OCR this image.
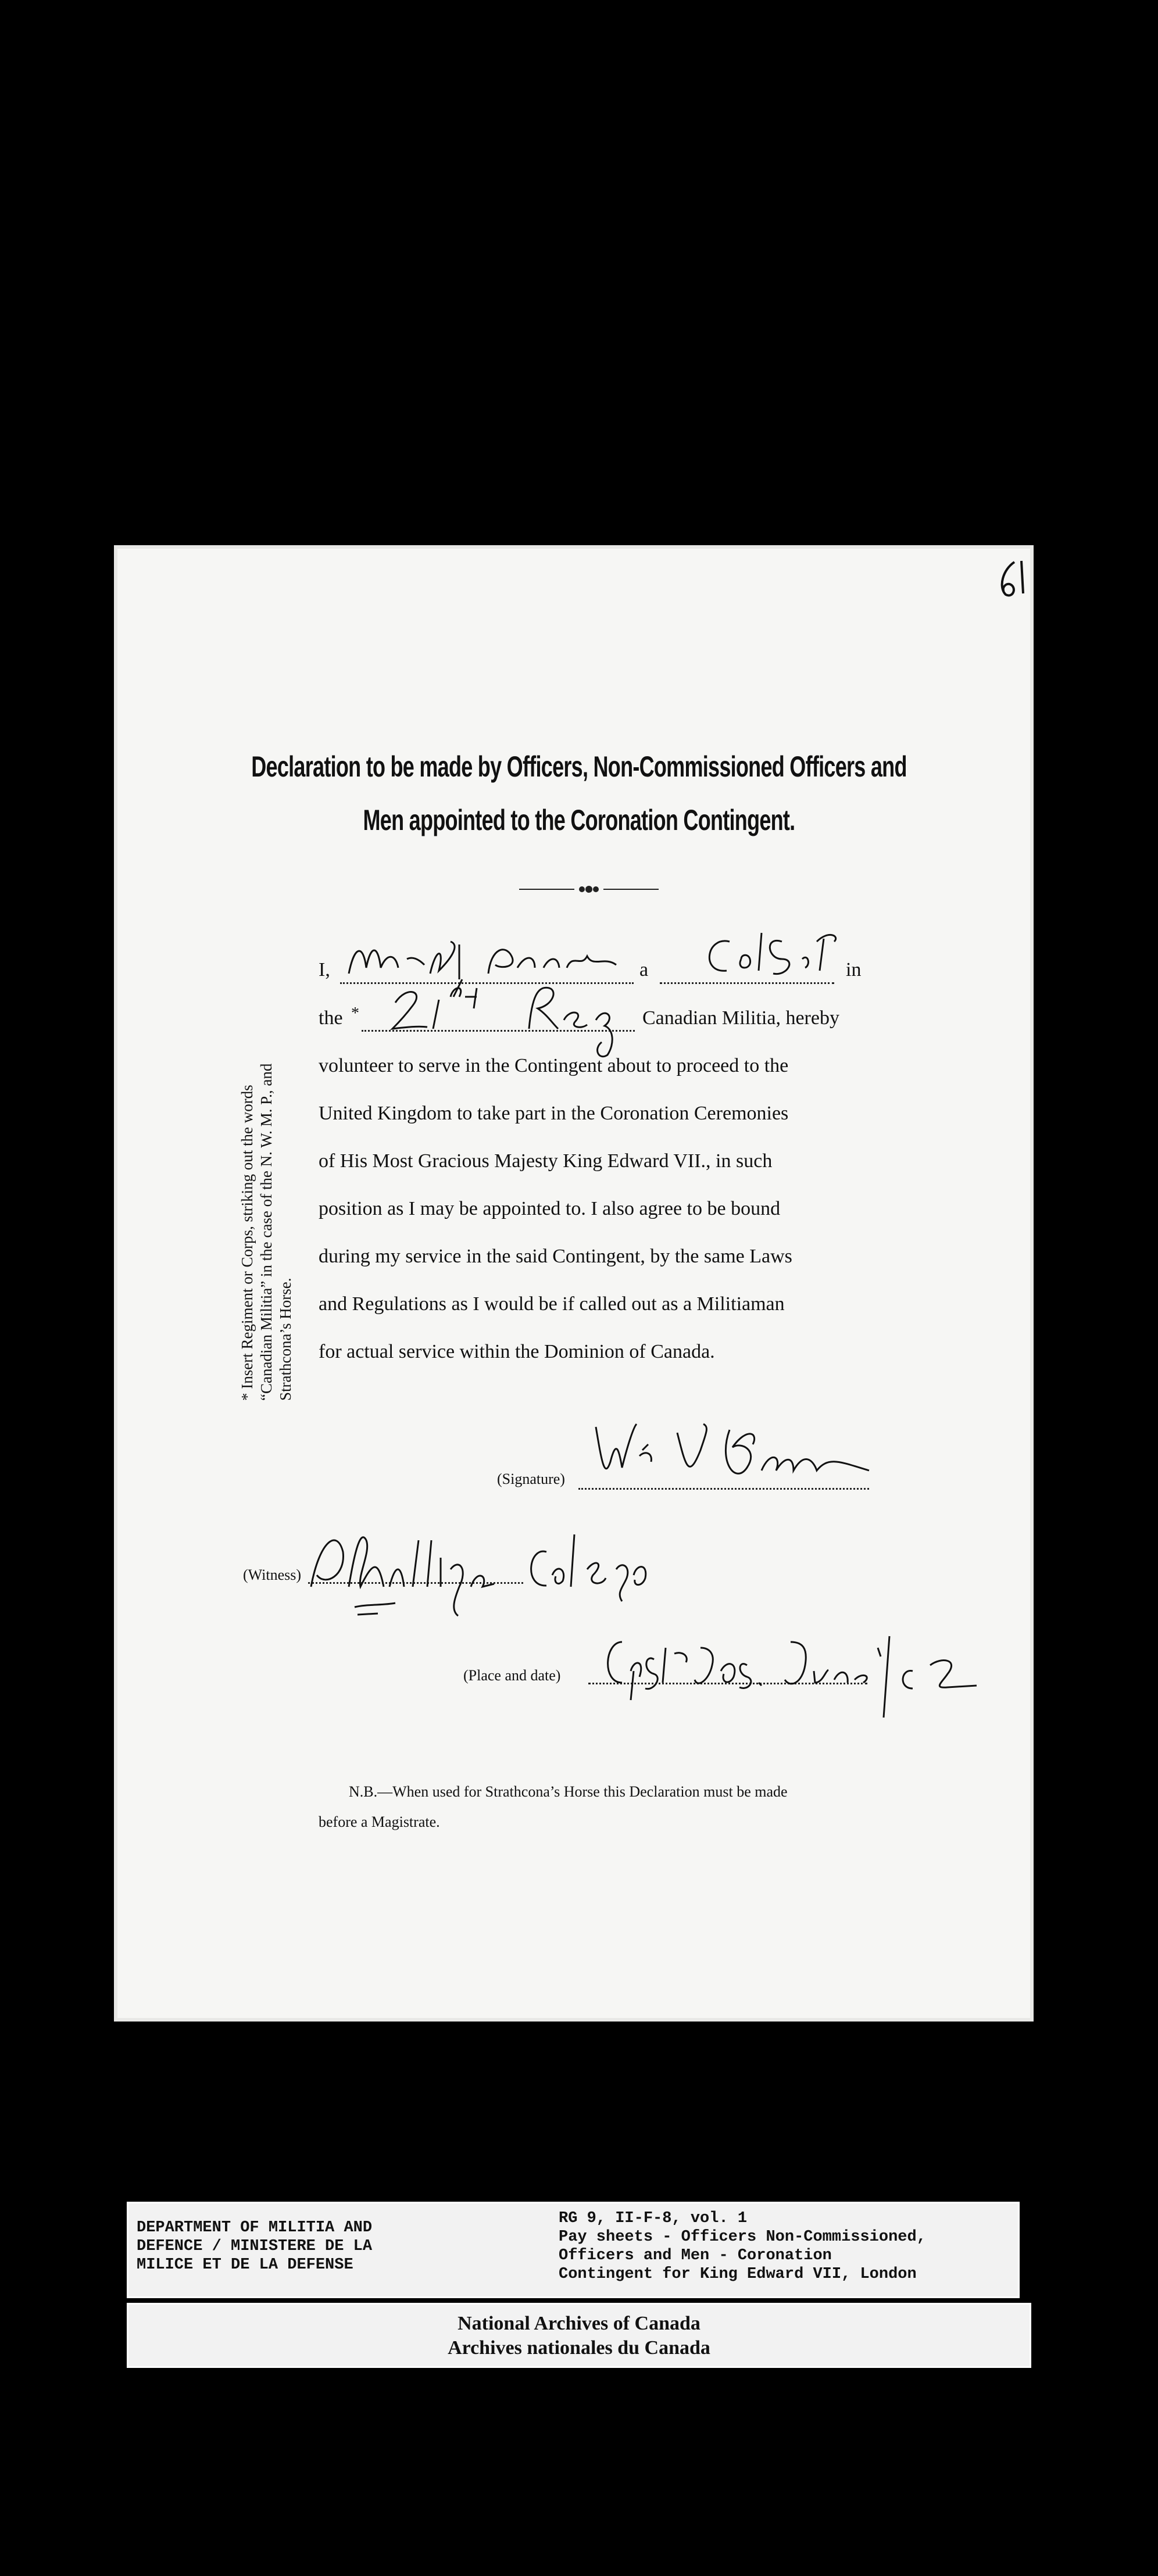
Declaration to be made by Officers, Non-Commissioned Officers and
Men appointed to the Coronation Contingent.
I,
Wm V Brown
a	in
the *	Canadian Militia, hereby
volunteer to serve in the Contingent about to proceed to the
United Kingdom to take part in the Coronation Ceremonies
of His Most Gracious Majesty King Edward VII., in such
position as I may be appointed to. I also agree to be bound
during my service in the said Contingent, by the same Laws
and Regulations as I would be if called out as a Militiaman
for actual service within the Dominion of Canada.
* Insert Regiment or Corps, striking out the words “Canadian Militia” in the case of the N. W. M. P., and Strathcona’s Horse.
(Signature)
(Witness)
(Place and date)
N.B.—When used for Strathcona’s Horse this Declaration must be made
before a Magistrate.
DEPARTMENT OF MILITIA AND
DEFENCE / MINISTERE DE LA
MILICE ET DE LA DEFENSE
RG 9, II-F-8, vol. 1
Pay sheets - Officers Non-Commissioned,
Officers and Men - Coronation
Contingent for King Edward VII, London
National Archives of Canada
Archives nationales du Canada
